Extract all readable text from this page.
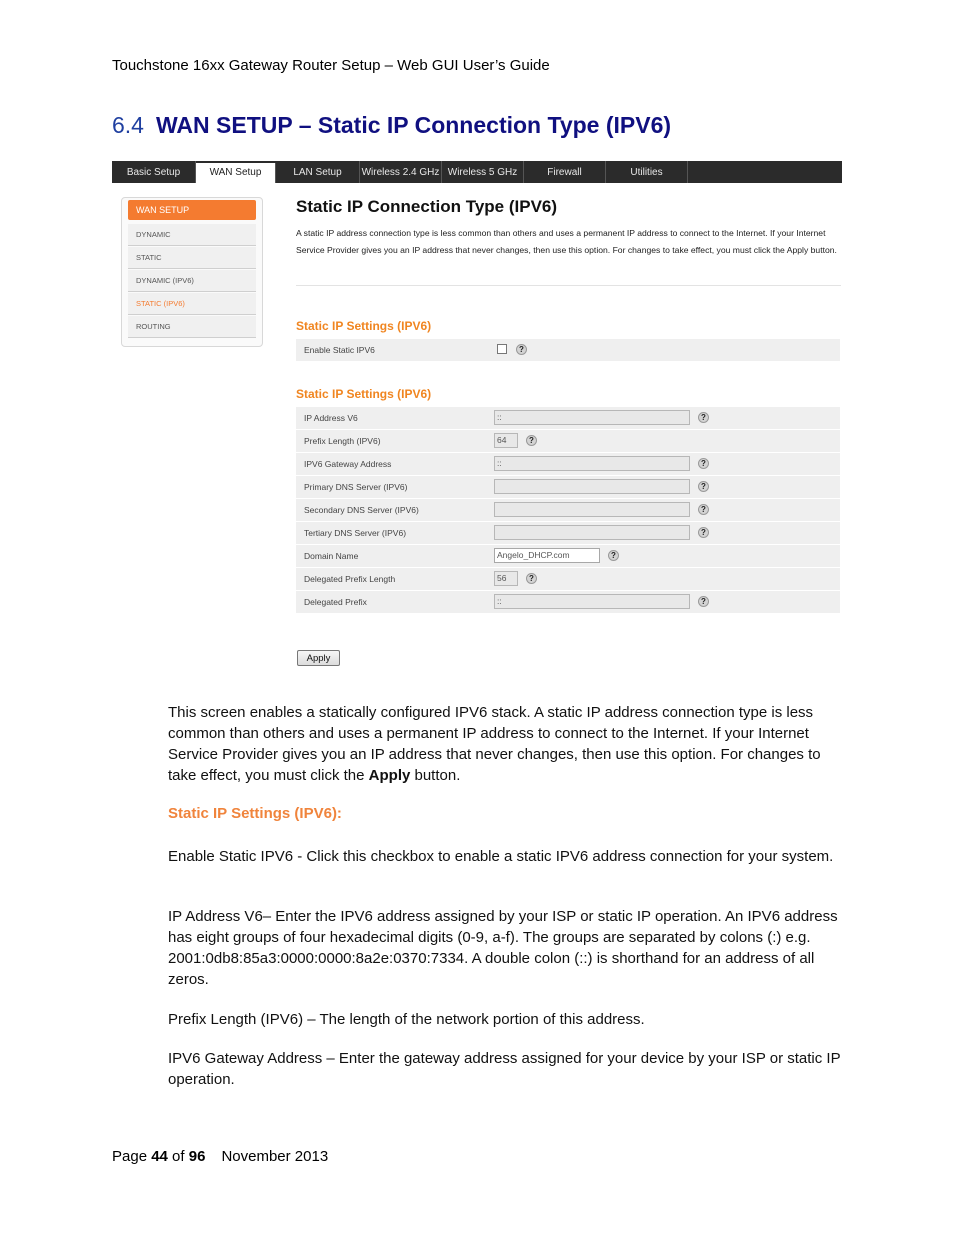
Touchstone 16xx Gateway Router Setup – Web GUI User’s Guide
6.4 WAN SETUP – Static IP Connection Type (IPV6)
Basic Setup	WAN Setup	LAN Setup	Wireless 2.4 GHz Wireless 5 GHz	Firewall	Utilities
WAN SETUP
DYNAMIC
STATIC
DYNAMIC (IPV6)
STATIC (IPV6)
ROUTING
Static IP Connection Type (IPV6)
A static IP address connection type is less common than others and uses a permanent IP address to connect to the Internet. If your Internet Service Provider gives you an IP address that never changes, then use this option. For changes to take effect, you must click the Apply button.
Static IP Settings (IPV6)
Enable Static IPV6	?
Static IP Settings (IPV6)
IP Address V6	::	?
Prefix Length (IPV6)	64	?
IPV6 Gateway Address	::	?
Primary DNS Server (IPV6)	?
Secondary DNS Server (IPV6)	?
Tertiary DNS Server (IPV6)	?
Domain Name	Angelo_DHCP.com	?
Delegated Prefix Length	56	?
Delegated Prefix	::	?
Apply

This screen enables a statically configured IPV6 stack. A static IP address connection type is less common than others and uses a permanent IP address to connect to the Internet. If your Internet Service Provider gives you an IP address that never changes, then use this option. For changes to take effect, you must click the Apply button.

Static IP Settings (IPV6):

Enable Static IPV6 - Click this checkbox to enable a static IPV6 address connection for your system.

IP Address V6– Enter the IPV6 address assigned by your ISP or static IP operation. An IPV6 address has eight groups of four hexadecimal digits (0-9, a-f). The groups are separated by colons (:) e.g. 2001:0db8:85a3:0000:0000:8a2e:0370:7334. A double colon (::) is shorthand for an address of all zeros.

Prefix Length (IPV6) – The length of the network portion of this address.

IPV6 Gateway Address – Enter the gateway address assigned for your device by your ISP or static IP operation.

Page 44 of 96 November 2013
